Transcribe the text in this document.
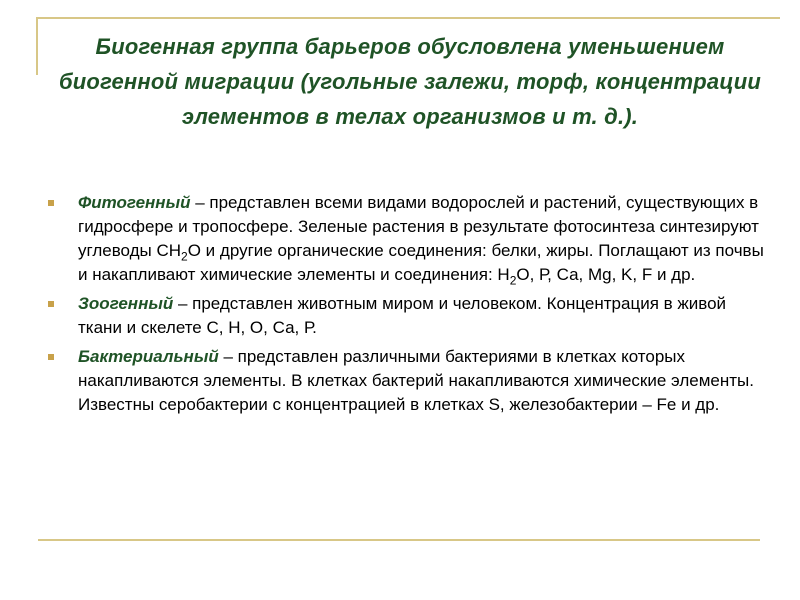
Биогенная группа барьеров обусловлена уменьшением биогенной миграции (угольные залежи, торф, концентрации элементов в телах организмов и т. д.).
Фитогенный – представлен всеми видами водорослей и растений, существующих в гидросфере и тропосфере. Зеленые растения в результате фотосинтеза синтезируют углеводы $СН_2О$ и другие органические соединения: белки, жиры. Поглащают из почвы и накапливают химические элементы и соединения: $Н_2О$, Р, Са, Mg, K, F и др.
Зоогенный – представлен животным миром и человеком. Концентрация в живой ткани и скелете С, Н, О, Са, Р.
Бактериальный – представлен различными бактериями в клетках которых накапливаются элементы. В клетках бактерий накапливаются химические элементы. Известны серобактерии с концентрацией в клетках S, железобактерии – Fe и др.
